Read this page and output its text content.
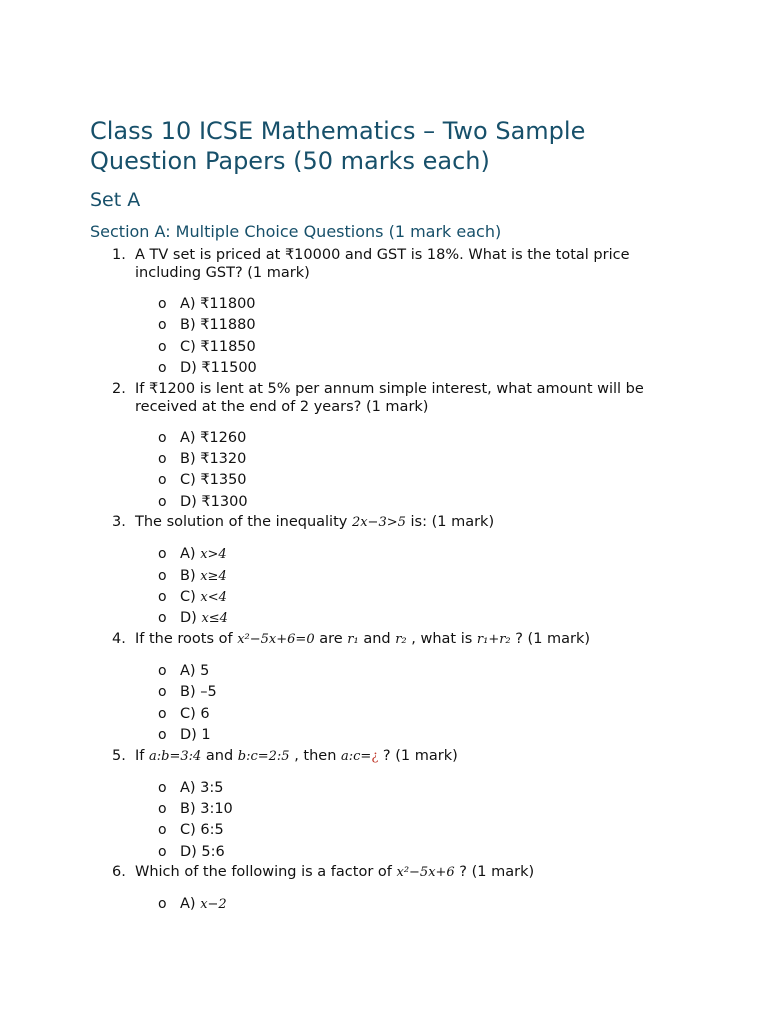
Class 10 ICSE Mathematics – Two Sample Question Papers (50 marks each)
Set A
Section A: Multiple Choice Questions (1 mark each)
1. A TV set is priced at ₹10000 and GST is 18%. What is the total price including GST? (1 mark)
o A) ₹11800
o B) ₹11880
o C) ₹11850
o D) ₹11500
2. If ₹1200 is lent at 5% per annum simple interest, what amount will be received at the end of 2 years? (1 mark)
o A) ₹1260
o B) ₹1320
o C) ₹1350
o D) ₹1300
3. The solution of the inequality 2x−3>5 is: (1 mark)
o A) x>4
o B) x≥4
o C) x<4
o D) x≤4
4. If the roots of x²−5x+6=0 are r₁ and r₂ , what is r₁+r₂ ? (1 mark)
o A) 5
o B) –5
o C) 6
o D) 1
5. If a:b=3:4 and b:c=2:5 , then a:c=¿ ? (1 mark)
o A) 3:5
o B) 3:10
o C) 6:5
o D) 5:6
6. Which of the following is a factor of x²−5x+6 ? (1 mark)
o A) x−2
